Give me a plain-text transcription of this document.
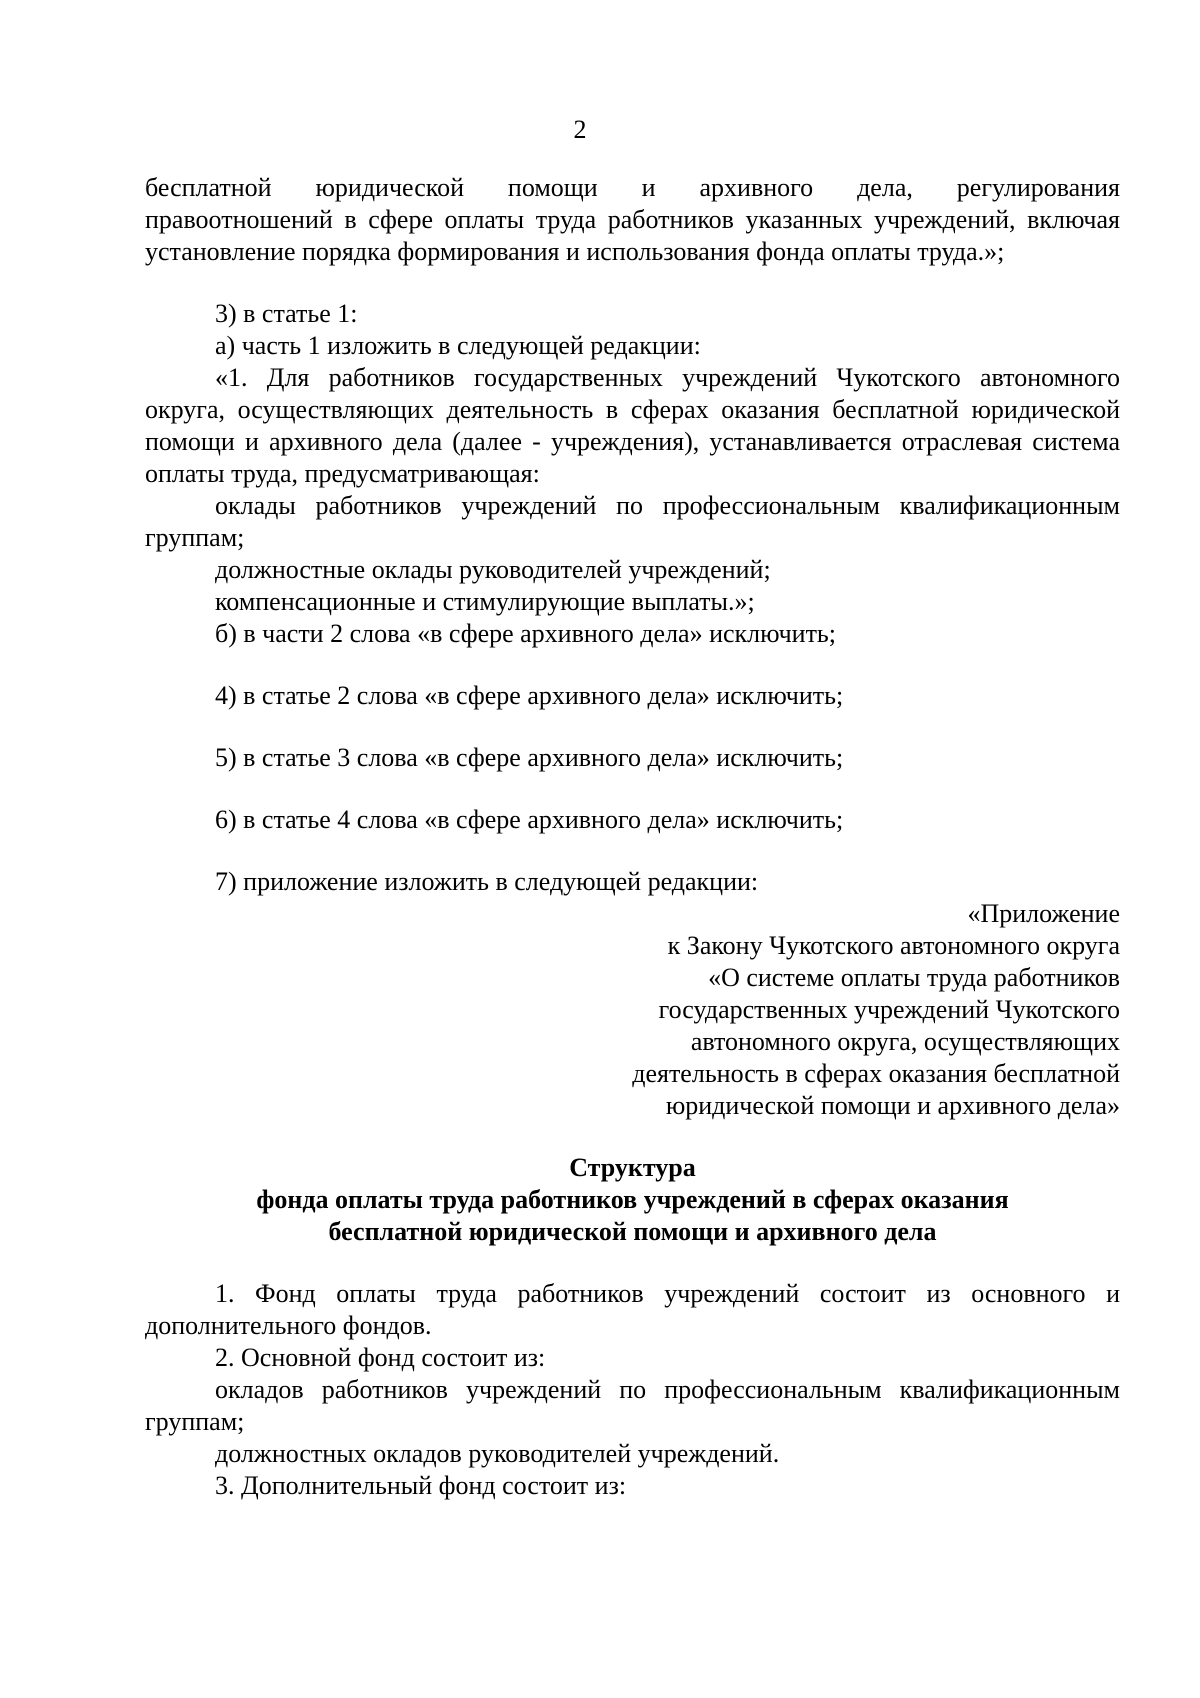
2

бесплатной юридической помощи и архивного дела, регулирования

правоотношений в сфере оплаты труда работников указанных учреждений, включая установление порядка формирования и использования фонда оплаты труда.»;

3) в статье 1:

а) часть 1 изложить в следующей редакции:

«1. Для работников государственных учреждений Чукотского автономного округа, осуществляющих деятельность в сферах оказания бесплатной юридической помощи и архивного дела (далее - учреждения), устанавливается отраслевая система оплаты труда, предусматривающая:

оклады работников учреждений по профессиональным квалификационным группам;

должностные оклады руководителей учреждений;

компенсационные и стимулирующие выплаты.»;

б) в части 2 слова «в сфере архивного дела» исключить;

4) в статье 2 слова «в сфере архивного дела» исключить;

5) в статье 3 слова «в сфере архивного дела» исключить;

6) в статье 4 слова «в сфере архивного дела» исключить;

7) приложение изложить в следующей редакции:

«Приложение
к Закону Чукотского автономного округа
«О системе оплаты труда работников
государственных учреждений Чукотского
автономного округа, осуществляющих
деятельность в сферах оказания бесплатной
юридической помощи и архивного дела»
Структура
фонда оплаты труда работников учреждений в сферах оказания
бесплатной юридической помощи и архивного дела

1. Фонд оплаты труда работников учреждений состоит из основного и дополнительного фондов.

2. Основной фонд состоит из:

окладов работников учреждений по профессиональным квалификационным группам;

должностных окладов руководителей учреждений.

3. Дополнительный фонд состоит из:
